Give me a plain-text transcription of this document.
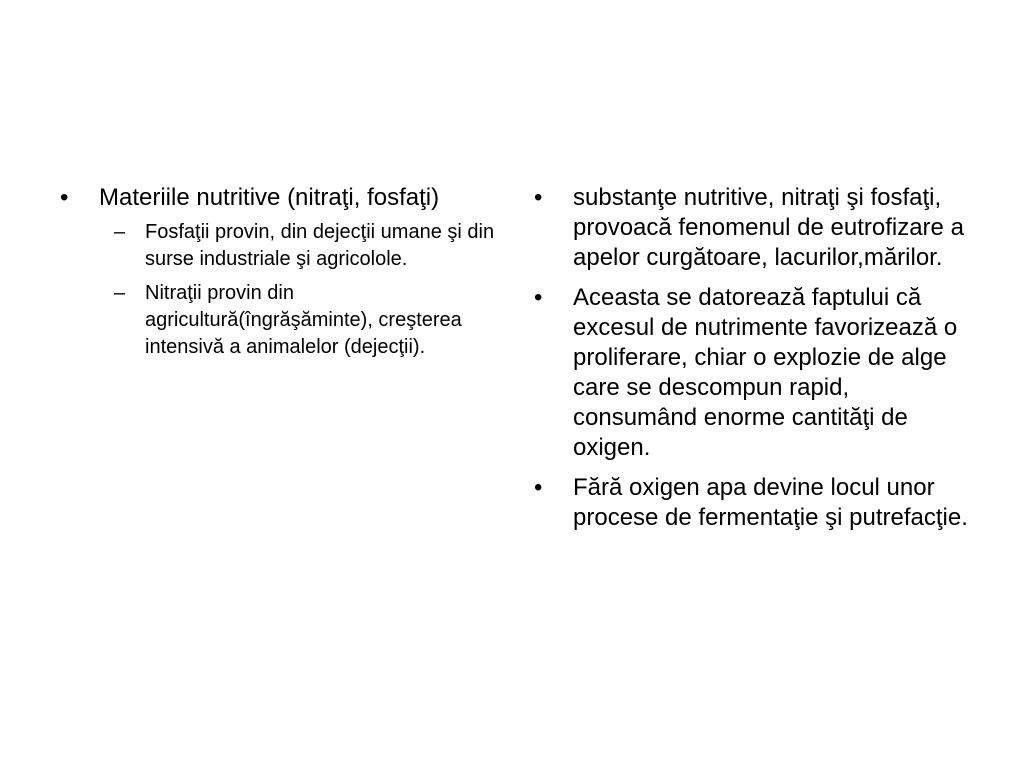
•	Materiile nutritive (nitraţi, fosfaţi)
– Fosfaţii provin, din dejecţii umane şi din surse industriale şi agricolole.
– Nitraţii provin din agricultură(îngrăşăminte), creşterea intensivă a animalelor (dejecţii).
•	substanţe nutritive, nitraţi şi fosfaţi, provoacă fenomenul de eutrofizare a apelor curgătoare, lacurilor,mărilor.
•	Aceasta se datorează faptului că excesul de nutrimente favorizează o proliferare, chiar o explozie de alge care se descompun rapid, consumând enorme cantităţi de oxigen.
•	Fără oxigen apa devine locul unor procese de fermentaţie şi putrefacţie.
